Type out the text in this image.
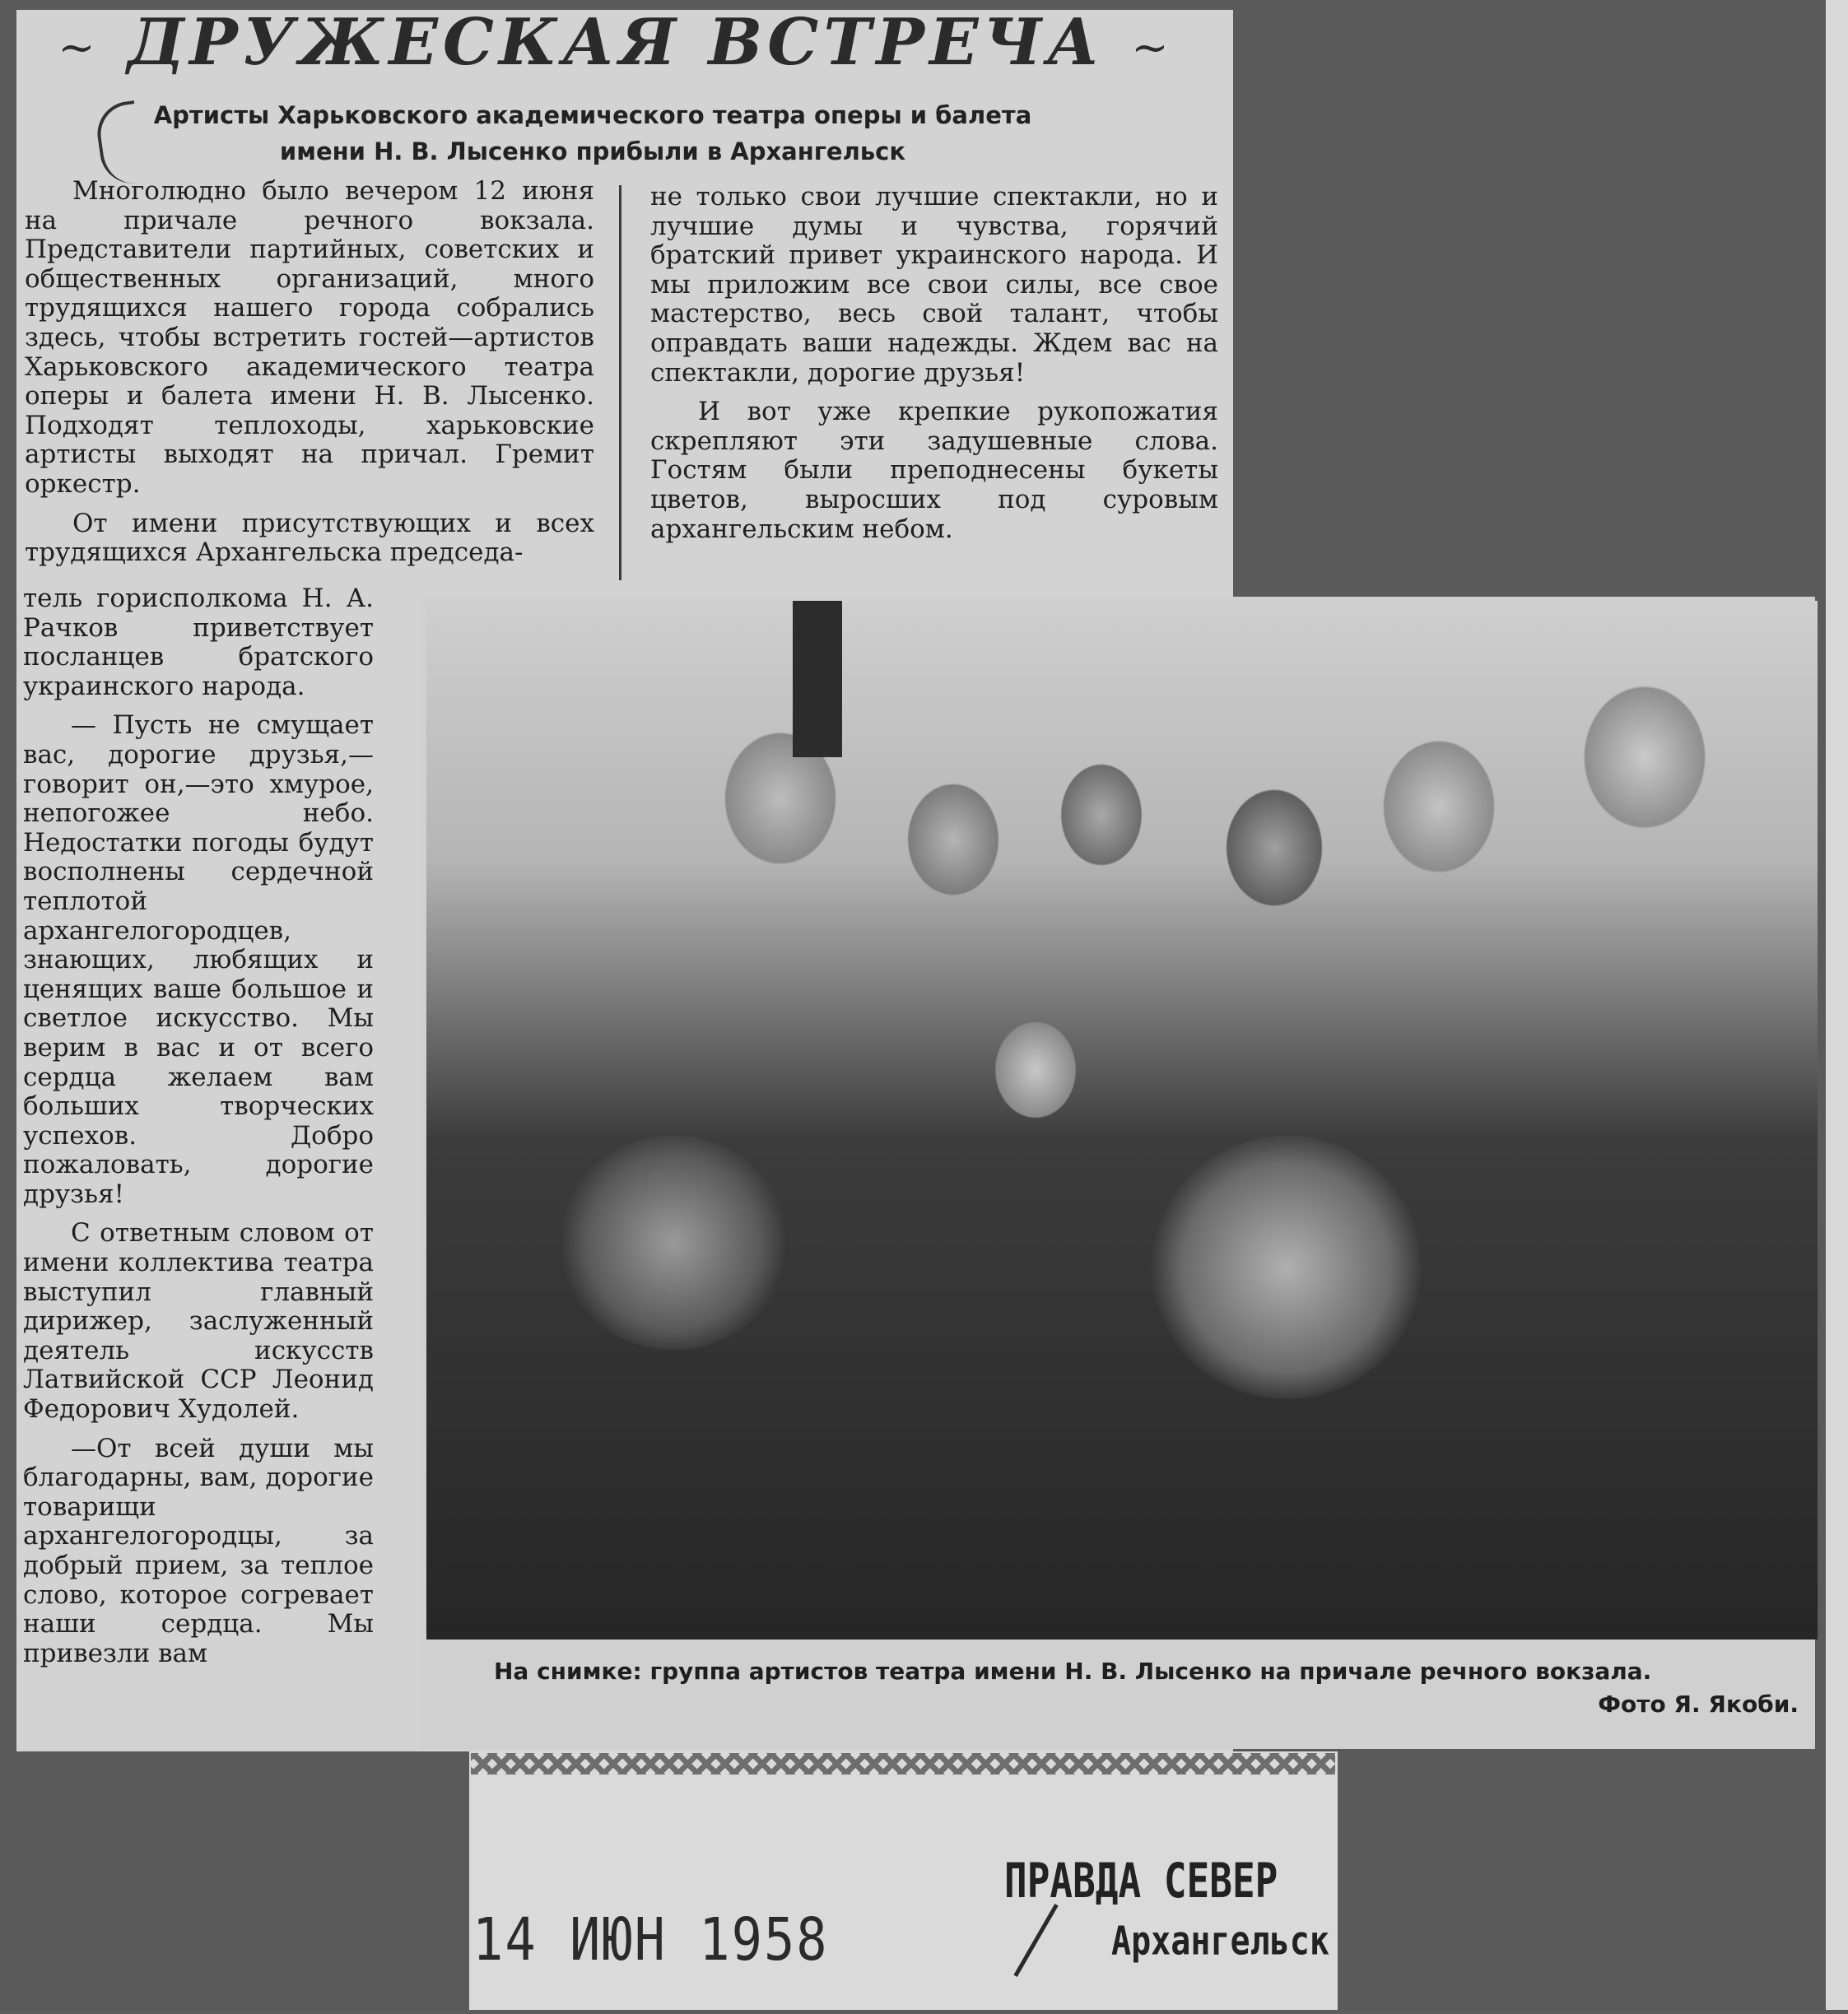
~ ДРУЖЕСКАЯ ВСТРЕЧА ~
Артисты Харьковского академического театра оперы и балета
имени Н. В. Лысенко прибыли в Архангельск

Многолюдно было вечером 12 июня на причале речного вокзала. Представители партийных, советских и общественных организаций, много трудящихся нашего города собрались здесь, чтобы встретить гостей—артистов Харьковского академического театра оперы и балета имени Н. В. Лысенко. Подходят теплоходы, харьковские артисты выходят на причал. Гремит оркестр.

От имени присутствующих и всех трудящихся Архангельска председа-

не только свои лучшие спектакли, но и лучшие думы и чувства, горячий братский привет украинского народа. И мы приложим все свои силы, все свое мастерство, весь свой талант, чтобы оправдать ваши надежды. Ждем вас на спектакли, дорогие друзья!

И вот уже крепкие рукопожатия скрепляют эти задушевные слова. Гостям были преподнесены букеты цветов, выросших под суровым архангельским небом.

тель горисполкома Н. А. Рачков приветствует посланцев братского украинского народа.

— Пусть не смущает вас, дорогие друзья,—говорит он,—это хмурое, непогожее небо. Недостатки погоды будут восполнены сердечной теплотой архангелогородцев, знающих, любящих и ценящих ваше большое и светлое искусство. Мы верим в вас и от всего сердца желаем вам больших творческих успехов. Добро пожаловать, дорогие друзья!

С ответным словом от имени коллектива театра выступил главный дирижер, заслуженный деятель искусств Латвийской ССР Леонид Федорович Худолей.

—От всей души мы благодарны, вам, дорогие товарищи архангелогородцы, за добрый прием, за теплое слово, которое согревает наши сердца. Мы привезли вам

На снимке: группа артистов театра имени Н. В. Лысенко на причале речного вокзала.
Фото Я. Якоби.
14 ИЮН 1958
ПРАВДА СЕВЕР
Архангельск
